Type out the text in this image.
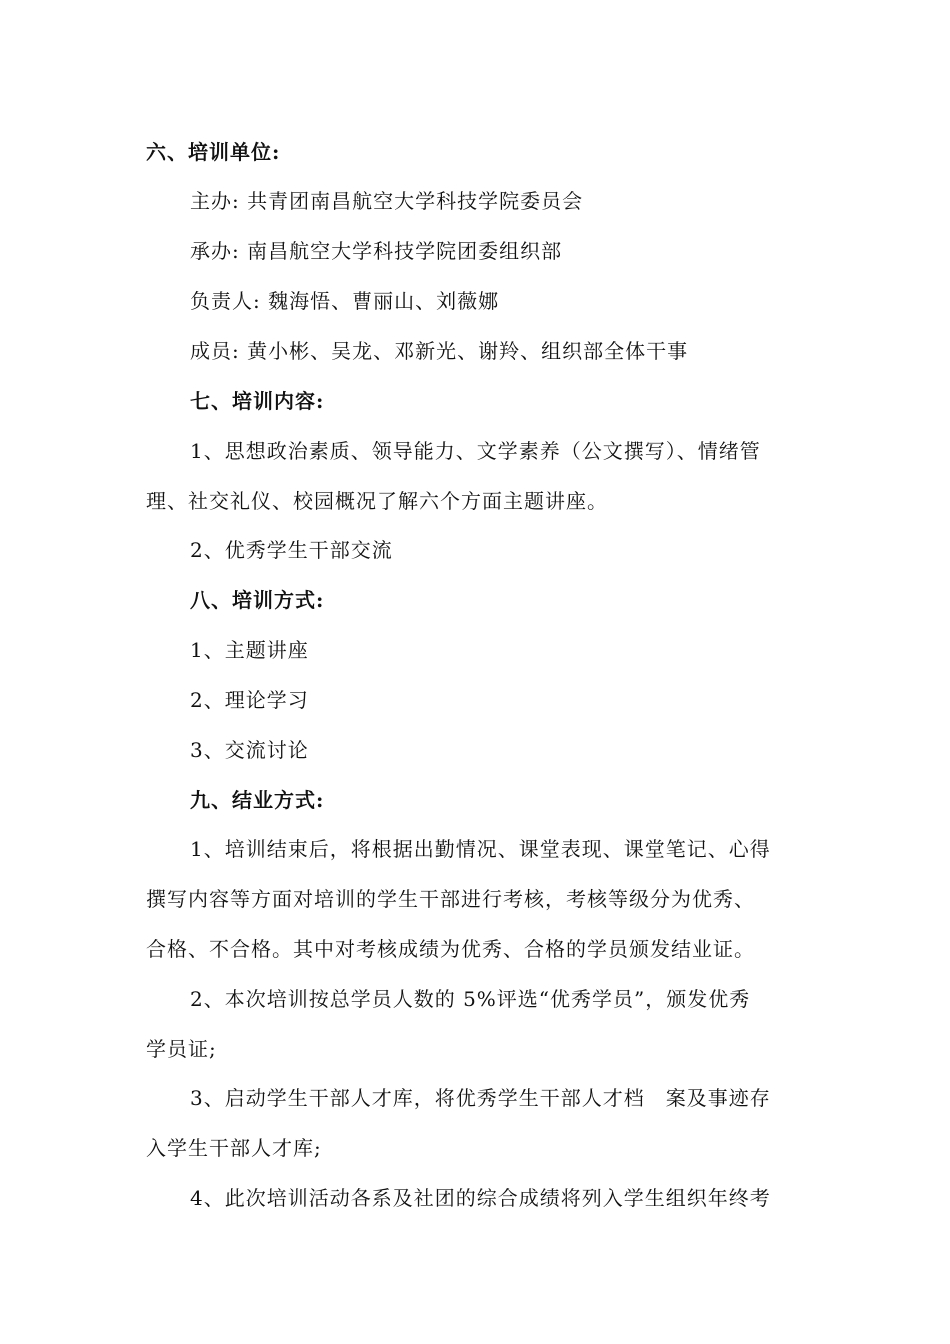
六、培训单位:
主办: 共青团南昌航空大学科技学院委员会
承办: 南昌航空大学科技学院团委组织部
负责人: 魏海悟、曹丽山、刘薇娜
成员: 黄小彬、吴龙、邓新光、谢羚、组织部全体干事
七、培训内容:
1、思想政治素质、领导能力、文学素养（公文撰写）、情绪管
理、社交礼仪、校园概况了解六个方面主题讲座。
2、优秀学生干部交流
八、培训方式:
1、主题讲座
2、理论学习
3、交流讨论
九、结业方式:
1、培训结束后，将根据出勤情况、课堂表现、课堂笔记、心得
撰写内容等方面对培训的学生干部进行考核，考核等级分为优秀、
合格、不合格。其中对考核成绩为优秀、合格的学员颁发结业证。
2、本次培训按总学员人数的 5%评选“优秀学员”，颁发优秀
学员证;
3、启动学生干部人才库，将优秀学生干部人才档　案及事迹存
入学生干部人才库;
4、此次培训活动各系及社团的综合成绩将列入学生组织年终考
